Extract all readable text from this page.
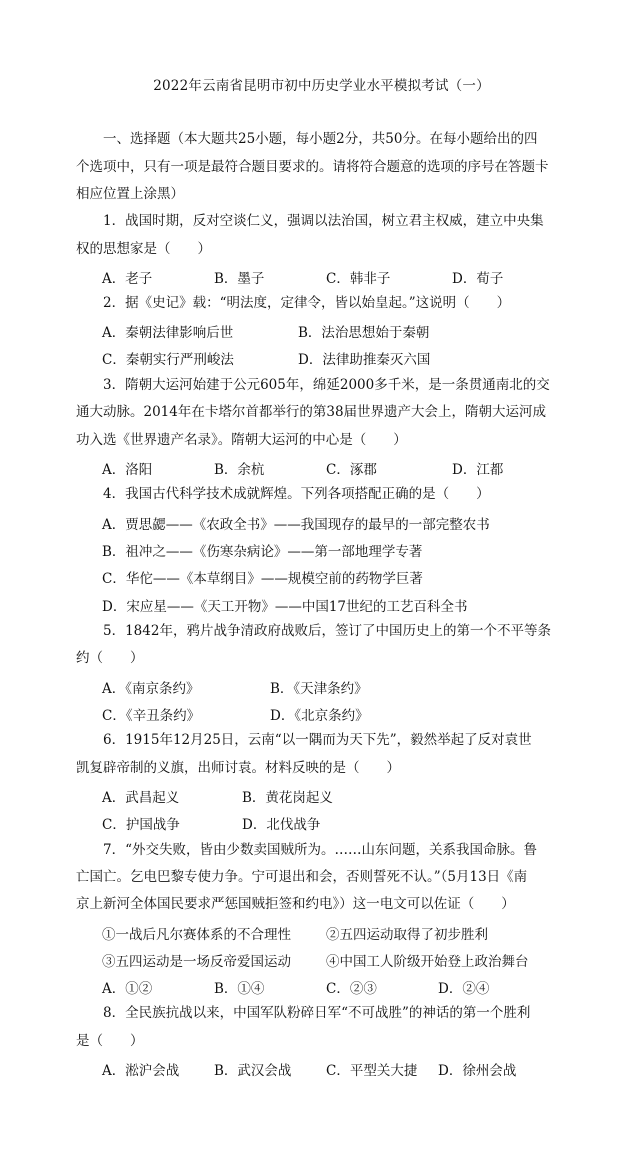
2022年云南省昆明市初中历史学业水平模拟考试（一）
一、选择题（本大题共25小题，每小题2分，共50分。在每小题给出的四
个选项中，只有一项是最符合题目要求的。请将符合题意的选项的序号在答题卡
相应位置上涂黑）
1．战国时期，反对空谈仁义，强调以法治国，树立君主权威，建立中央集
权的思想家是（　　）
A．老子	B．墨子	C．韩非子	D．荀子
2．据《史记》载：“明法度，定律令，皆以始皇起。”这说明（　　）
A．秦朝法律影响后世	B．法治思想始于秦朝
C．秦朝实行严刑峻法	D．法律助推秦灭六国
3．隋朝大运河始建于公元605年，绵延2000多千米，是一条贯通南北的交
通大动脉。2014年在卡塔尔首都举行的第38届世界遗产大会上，隋朝大运河成
功入选《世界遗产名录》。隋朝大运河的中心是（　　）
A．洛阳	B．余杭	C．涿郡	D．江都
4．我国古代科学技术成就辉煌。下列各项搭配正确的是（　　）
A．贾思勰——《农政全书》——我国现存的最早的一部完整农书
B．祖冲之——《伤寒杂病论》——第一部地理学专著
C．华佗——《本草纲目》——规模空前的药物学巨著
D．宋应星——《天工开物》——中国17世纪的工艺百科全书
5．1842年，鸦片战争清政府战败后，签订了中国历史上的第一个不平等条
约（　　）
A．《南京条约》	B．《天津条约》
C．《辛丑条约》	D．《北京条约》
6．1915年12月25日，云南“以一隅而为天下先”，毅然举起了反对袁世
凯复辟帝制的义旗，出师讨袁。材料反映的是（　　）
A．武昌起义	B．黄花岗起义
C．护国战争	D．北伐战争
7．“外交失败，皆由少数卖国贼所为。……山东问题，关系我国命脉。鲁
亡国亡。乞电巴黎专使力争。宁可退出和会，否则誓死不认。”（5月13日《南
京上新河全体国民要求严惩国贼拒签和约电》）这一电文可以佐证（　　）
①一战后凡尔赛体系的不合理性	②五四运动取得了初步胜利
③五四运动是一场反帝爱国运动	④中国工人阶级开始登上政治舞台
A．①②	B．①④	C．②③	D．②④
8．全民族抗战以来，中国军队粉碎日军“不可战胜”的神话的第一个胜利
是（　　）
A．淞沪会战	B．武汉会战	C．平型关大捷 D．徐州会战
